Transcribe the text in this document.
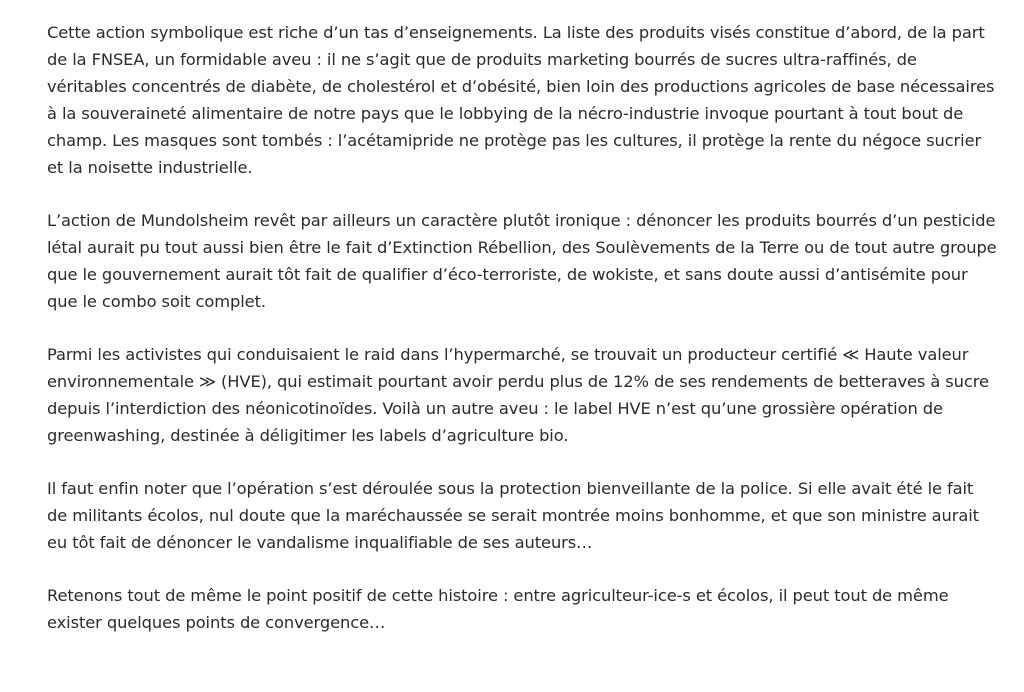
Cette action symbolique est riche d’un tas d’enseignements. La liste des produits visés constitue d’abord, de la part de la FNSEA, un formidable aveu : il ne s’agit que de produits marketing bourrés de sucres ultra-raffinés, de véritables concentrés de diabète, de cholestérol et d’obésité, bien loin des productions agricoles de base nécessaires à la souveraineté alimentaire de notre pays que le lobbying de la nécro-industrie invoque pourtant à tout bout de champ. Les masques sont tombés : l’acétamipride ne protège pas les cultures, il protège la rente du négoce sucrier et la noisette industrielle.

L’action de Mundolsheim revêt par ailleurs un caractère plutôt ironique : dénoncer les produits bourrés d’un pesticide létal aurait pu tout aussi bien être le fait d’Extinction Rébellion, des Soulèvements de la Terre ou de tout autre groupe que le gouvernement aurait tôt fait de qualifier d’éco-terroriste, de wokiste, et sans doute aussi d’antisémite pour que le combo soit complet.

Parmi les activistes qui conduisaient le raid dans l’hypermarché, se trouvait un producteur certifié ≪ Haute valeur environnementale ≫ (HVE), qui estimait pourtant avoir perdu plus de 12% de ses rendements de betteraves à sucre depuis l’interdiction des néonicotinoïdes. Voilà un autre aveu : le label HVE n’est qu’une grossière opération de greenwashing, destinée à déligitimer les labels d’agriculture bio.

Il faut enfin noter que l’opération s’est déroulée sous la protection bienveillante de la police. Si elle avait été le fait de militants écolos, nul doute que la maréchaussée se serait montrée moins bonhomme, et que son ministre aurait eu tôt fait de dénoncer le vandalisme inqualifiable de ses auteurs…

Retenons tout de même le point positif de cette histoire : entre agriculteur-ice-s et écolos, il peut tout de même exister quelques points de convergence…
